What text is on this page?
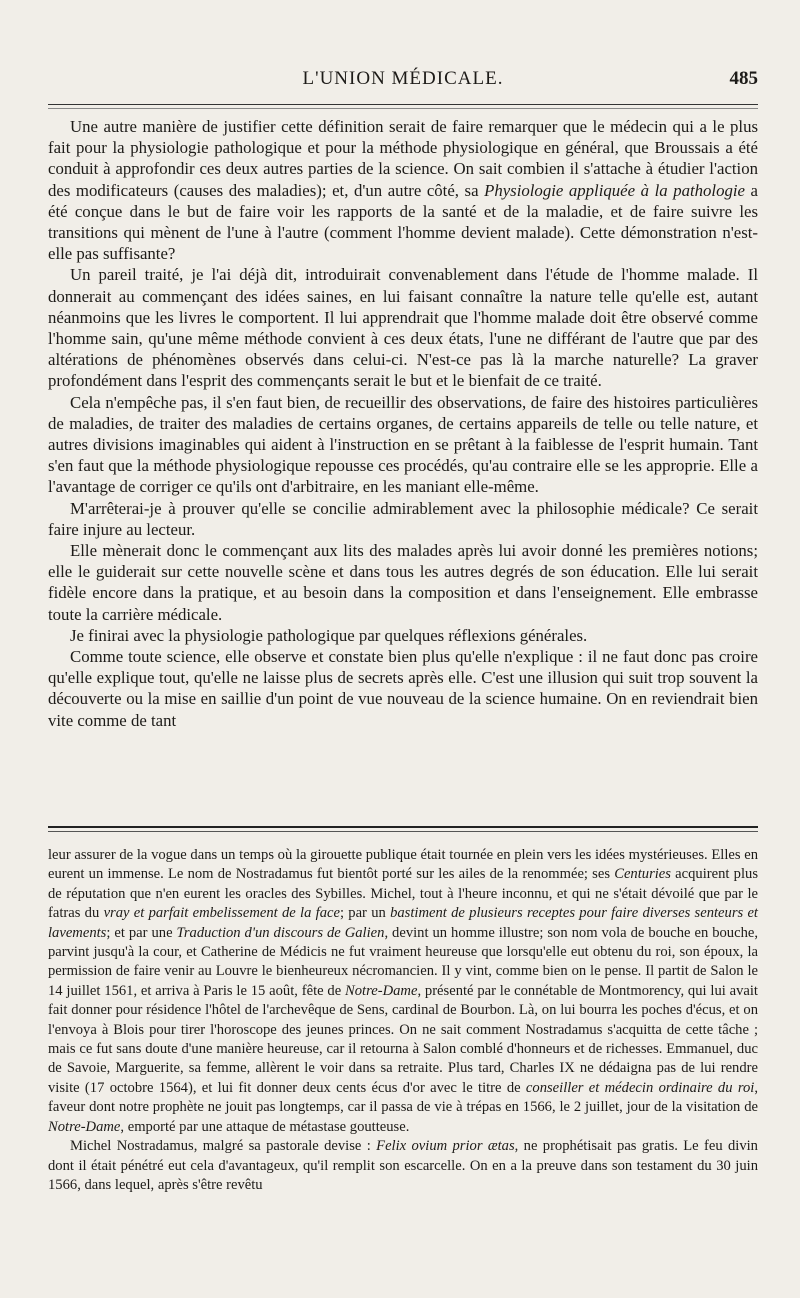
L'UNION MÉDICALE.	485

Une autre manière de justifier cette définition serait de faire remarquer que le médecin qui a le plus fait pour la physiologie pathologique et pour la méthode physiologique en général, que Broussais a été conduit à approfondir ces deux autres parties de la science. On sait combien il s'attache à étudier l'action des modificateurs (causes des maladies); et, d'un autre côté, sa Physiologie appliquée à la pathologie a été conçue dans le but de faire voir les rapports de la santé et de la maladie, et de faire suivre les transitions qui mènent de l'une à l'autre (comment l'homme devient malade). Cette démonstration n'est-elle pas suffisante?

Un pareil traité, je l'ai déjà dit, introduirait convenablement dans l'étude de l'homme malade. Il donnerait au commençant des idées saines, en lui faisant connaître la nature telle qu'elle est, autant néanmoins que les livres le comportent. Il lui apprendrait que l'homme malade doit être observé comme l'homme sain, qu'une même méthode convient à ces deux états, l'une ne différant de l'autre que par des altérations de phénomènes observés dans celui-ci. N'est-ce pas là la marche naturelle? La graver profondément dans l'esprit des commençants serait le but et le bienfait de ce traité.

Cela n'empêche pas, il s'en faut bien, de recueillir des observations, de faire des histoires particulières de maladies, de traiter des maladies de certains organes, de certains appareils de telle ou telle nature, et autres divisions imaginables qui aident à l'instruction en se prêtant à la faiblesse de l'esprit humain. Tant s'en faut que la méthode physiologique repousse ces procédés, qu'au contraire elle se les approprie. Elle a l'avantage de corriger ce qu'ils ont d'arbitraire, en les maniant elle-même.

M'arrêterai-je à prouver qu'elle se concilie admirablement avec la philosophie médicale? Ce serait faire injure au lecteur.

Elle mènerait donc le commençant aux lits des malades après lui avoir donné les premières notions; elle le guiderait sur cette nouvelle scène et dans tous les autres degrés de son éducation. Elle lui serait fidèle encore dans la pratique, et au besoin dans la composition et dans l'enseignement. Elle embrasse toute la carrière médicale.

Je finirai avec la physiologie pathologique par quelques réflexions générales.

Comme toute science, elle observe et constate bien plus qu'elle n'explique : il ne faut donc pas croire qu'elle explique tout, qu'elle ne laisse plus de secrets après elle. C'est une illusion qui suit trop souvent la découverte ou la mise en saillie d'un point de vue nouveau de la science humaine. On en reviendrait bien vite comme de tant

leur assurer de la vogue dans un temps où la girouette publique était tournée en plein vers les idées mystérieuses. Elles en eurent un immense. Le nom de Nostradamus fut bientôt porté sur les ailes de la renommée; ses Centuries acquirent plus de réputation que n'en eurent les oracles des Sybilles. Michel, tout à l'heure inconnu, et qui ne s'était dévoilé que par le fatras du vray et parfait embelissement de la face; par un bastiment de plusieurs receptes pour faire diverses senteurs et lavements; et par une Traduction d'un discours de Galien, devint un homme illustre; son nom vola de bouche en bouche, parvint jusqu'à la cour, et Catherine de Médicis ne fut vraiment heureuse que lorsqu'elle eut obtenu du roi, son époux, la permission de faire venir au Louvre le bienheureux nécromancien. Il y vint, comme bien on le pense. Il partit de Salon le 14 juillet 1561, et arriva à Paris le 15 août, fête de Notre-Dame, présenté par le connétable de Montmorency, qui lui avait fait donner pour résidence l'hôtel de l'archevêque de Sens, cardinal de Bourbon. Là, on lui bourra les poches d'écus, et on l'envoya à Blois pour tirer l'horoscope des jeunes princes. On ne sait comment Nostradamus s'acquitta de cette tâche ; mais ce fut sans doute d'une manière heureuse, car il retourna à Salon comblé d'honneurs et de richesses. Emmanuel, duc de Savoie, Marguerite, sa femme, allèrent le voir dans sa retraite. Plus tard, Charles IX ne dédaigna pas de lui rendre visite (17 octobre 1564), et lui fit donner deux cents écus d'or avec le titre de conseiller et médecin ordinaire du roi, faveur dont notre prophète ne jouit pas longtemps, car il passa de vie à trépas en 1566, le 2 juillet, jour de la visitation de Notre-Dame, emporté par une attaque de métastase goutteuse.

Michel Nostradamus, malgré sa pastorale devise : Felix ovium prior ætas, ne prophétisait pas gratis. Le feu divin dont il était pénétré eut cela d'avantageux, qu'il remplit son escarcelle. On en a la preuve dans son testament du 30 juin 1566, dans lequel, après s'être revêtu
